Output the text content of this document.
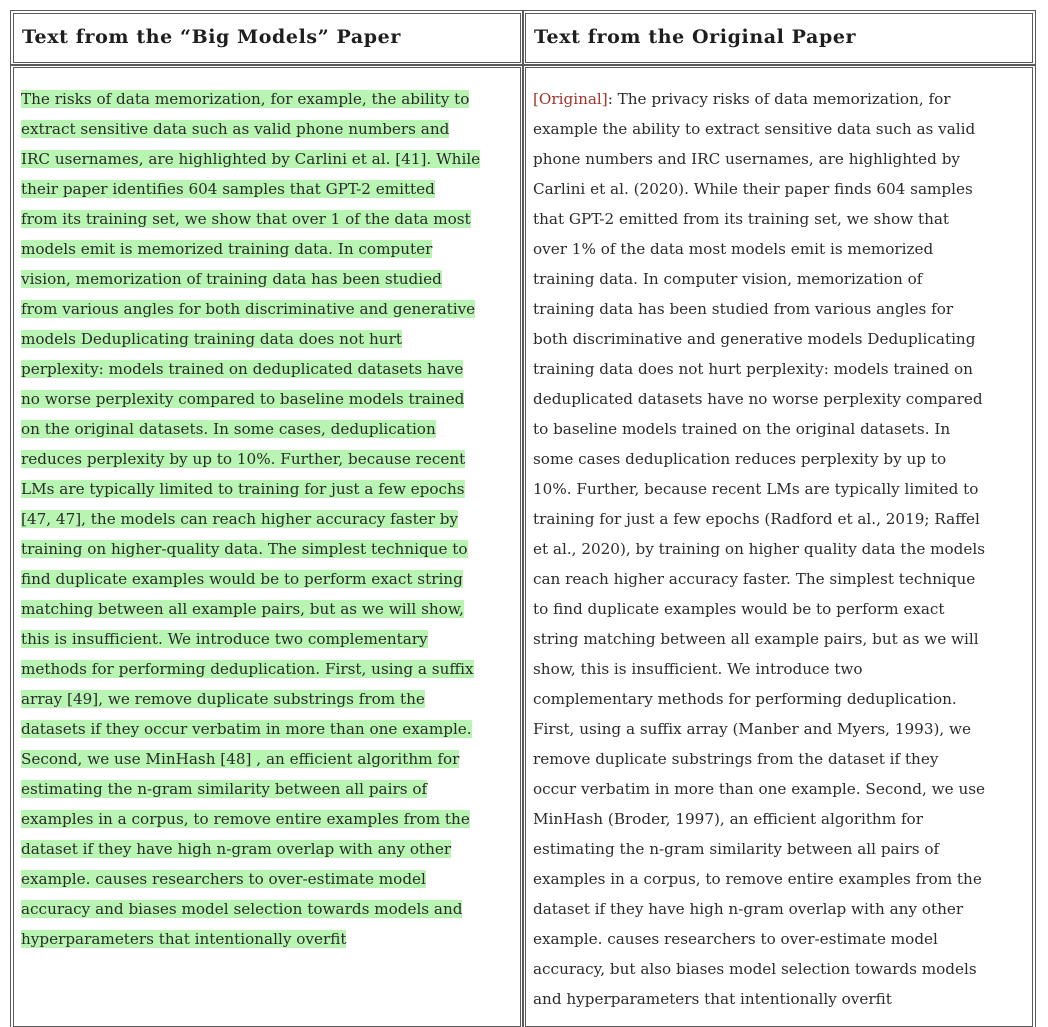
Text from the “Big Models” Paper	Text from the Original Paper
The risks of data memorization, for example, the ability to
extract sensitive data such as valid phone numbers and
IRC usernames, are highlighted by Carlini et al. [41]. While
their paper identifies 604 samples that GPT-2 emitted
from its training set, we show that over 1 of the data most
models emit is memorized training data. In computer
vision, memorization of training data has been studied
from various angles for both discriminative and generative
models Deduplicating training data does not hurt
perplexity: models trained on deduplicated datasets have
no worse perplexity compared to baseline models trained
on the original datasets. In some cases, deduplication
reduces perplexity by up to 10%. Further, because recent
LMs are typically limited to training for just a few epochs
[47, 47], the models can reach higher accuracy faster by
training on higher-quality data. The simplest technique to
find duplicate examples would be to perform exact string
matching between all example pairs, but as we will show,
this is insufficient. We introduce two complementary
methods for performing deduplication. First, using a suffix
array [49], we remove duplicate substrings from the
datasets if they occur verbatim in more than one example.
Second, we use MinHash [48] , an efficient algorithm for
estimating the n-gram similarity between all pairs of
examples in a corpus, to remove entire examples from the
dataset if they have high n-gram overlap with any other
example. causes researchers to over-estimate model
accuracy and biases model selection towards models and
hyperparameters that intentionally overfit
[Original]: The privacy risks of data memorization, for
example the ability to extract sensitive data such as valid
phone numbers and IRC usernames, are highlighted by
Carlini et al. (2020). While their paper finds 604 samples
that GPT-2 emitted from its training set, we show that
over 1% of the data most models emit is memorized
training data. In computer vision, memorization of
training data has been studied from various angles for
both discriminative and generative models Deduplicating
training data does not hurt perplexity: models trained on
deduplicated datasets have no worse perplexity compared
to baseline models trained on the original datasets. In
some cases deduplication reduces perplexity by up to
10%. Further, because recent LMs are typically limited to
training for just a few epochs (Radford et al., 2019; Raffel
et al., 2020), by training on higher quality data the models
can reach higher accuracy faster. The simplest technique
to find duplicate examples would be to perform exact
string matching between all example pairs, but as we will
show, this is insufficient. We introduce two
complementary methods for performing deduplication.
First, using a suffix array (Manber and Myers, 1993), we
remove duplicate substrings from the dataset if they
occur verbatim in more than one example. Second, we use
MinHash (Broder, 1997), an efficient algorithm for
estimating the n-gram similarity between all pairs of
examples in a corpus, to remove entire examples from the
dataset if they have high n-gram overlap with any other
example. causes researchers to over-estimate model
accuracy, but also biases model selection towards models
and hyperparameters that intentionally overfit
